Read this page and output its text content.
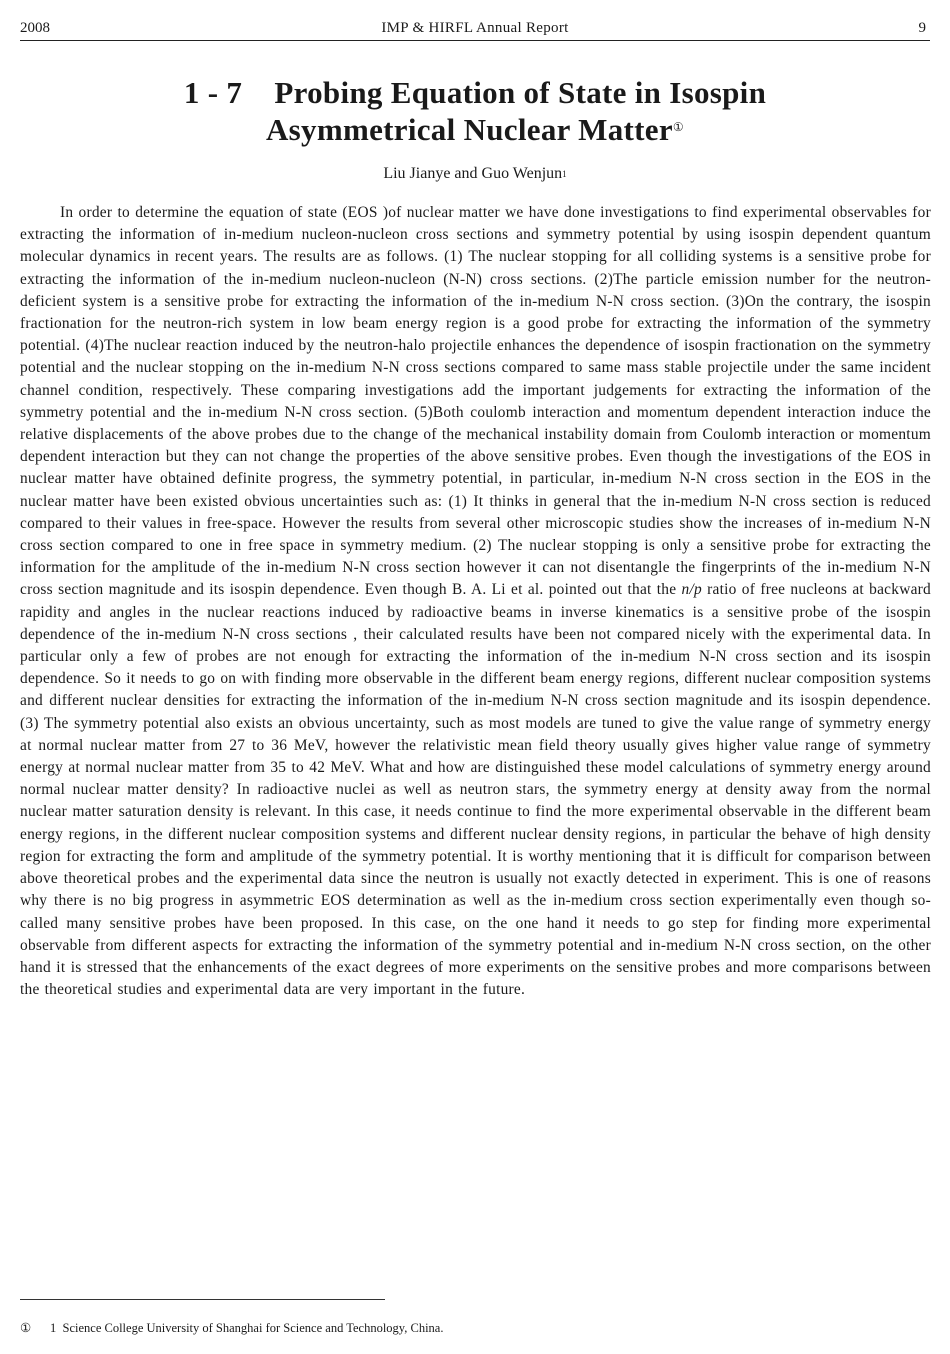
2008	IMP & HIRFL Annual Report	9
1 - 7    Probing Equation of State in Isospin
Asymmetrical Nuclear Matter①
Liu Jianye and Guo Wenjun$^1$
In order to determine the equation of state (EOS )of nuclear matter we have done investigations to find experimental observables for extracting the information of in-medium nucleon-nucleon cross sections and symmetry potential by using isospin dependent quantum molecular dynamics in recent years. The results are as follows. (1) The nuclear stopping for all colliding systems is a sensitive probe for extracting the information of the in-medium nucleon-nucleon (N-N) cross sections. (2)The particle emission number for the neutron-deficient system is a sensitive probe for extracting the information of the in-medium N-N cross section. (3)On the contrary, the isospin fractionation for the neutron-rich system in low beam energy region is a good probe for extracting the information of the symmetry potential. (4)The nuclear reaction induced by the neutron-halo projectile enhances the dependence of isospin fractionation on the symmetry potential and the nuclear stopping on the in-medium N-N cross sections compared to same mass stable projectile under the same incident channel condition, respectively. These comparing investigations add the important judgements for extracting the information of the symmetry potential and the in-medium N-N cross section. (5)Both coulomb interaction and momentum dependent interaction induce the relative displacements of the above probes due to the change of the mechanical instability domain from Coulomb interaction or momentum dependent interaction but they can not change the properties of the above sensitive probes. Even though the investigations of the EOS in nuclear matter have obtained definite progress, the symmetry potential, in particular, in-medium N-N cross section in the EOS in the nuclear matter have been existed obvious uncertainties such as: (1) It thinks in general that the in-medium N-N cross section is reduced compared to their values in free-space. However the results from several other microscopic studies show the increases of in-medium N-N cross section compared to one in free space in symmetry medium. (2) The nuclear stopping is only a sensitive probe for extracting the information for the amplitude of the in-medium N-N cross section however it can not disentangle the fingerprints of the in-medium N-N cross section magnitude and its isospin dependence. Even though B. A. Li et al. pointed out that the n/p ratio of free nucleons at backward rapidity and angles in the nuclear reactions induced by radioactive beams in inverse kinematics is a sensitive probe of the isospin dependence of the in-medium N-N cross sections , their calculated results have been not compared nicely with the experimental data. In particular only a few of probes are not enough for extracting the information of the in-medium N-N cross section and its isospin dependence. So it needs to go on with finding more observable in the different beam energy regions, different nuclear composition systems and different nuclear densities for extracting the information of the in-medium N-N cross section magnitude and its isospin dependence. (3) The symmetry potential also exists an obvious uncertainty, such as most models are tuned to give the value range of symmetry energy at normal nuclear matter from 27 to 36 MeV, however the relativistic mean field theory usually gives higher value range of symmetry energy at normal nuclear matter from 35 to 42 MeV. What and how are distinguished these model calculations of symmetry energy around normal nuclear matter density? In radioactive nuclei as well as neutron stars, the symmetry energy at density away from the normal nuclear matter saturation density is relevant. In this case, it needs continue to find the more experimental observable in the different beam energy regions, in the different nuclear composition systems and different nuclear density regions, in particular the behave of high density region for extracting the form and amplitude of the symmetry potential. It is worthy mentioning that it is difficult for comparison between above theoretical probes and the experimental data since the neutron is usually not exactly detected in experiment. This is one of reasons why there is no big progress in asymmetric EOS determination as well as the in-medium cross section experimentally even though so-called many sensitive probes have been proposed. In this case, on the one hand it needs to go step for finding more experimental observable from different aspects for extracting the information of the symmetry potential and in-medium N-N cross section, on the other hand it is stressed that the enhancements of the exact degrees of more experiments on the sensitive probes and more comparisons between the theoretical studies and experimental data are very important in the future.
① 1  Science College University of Shanghai for Science and Technology, China.
